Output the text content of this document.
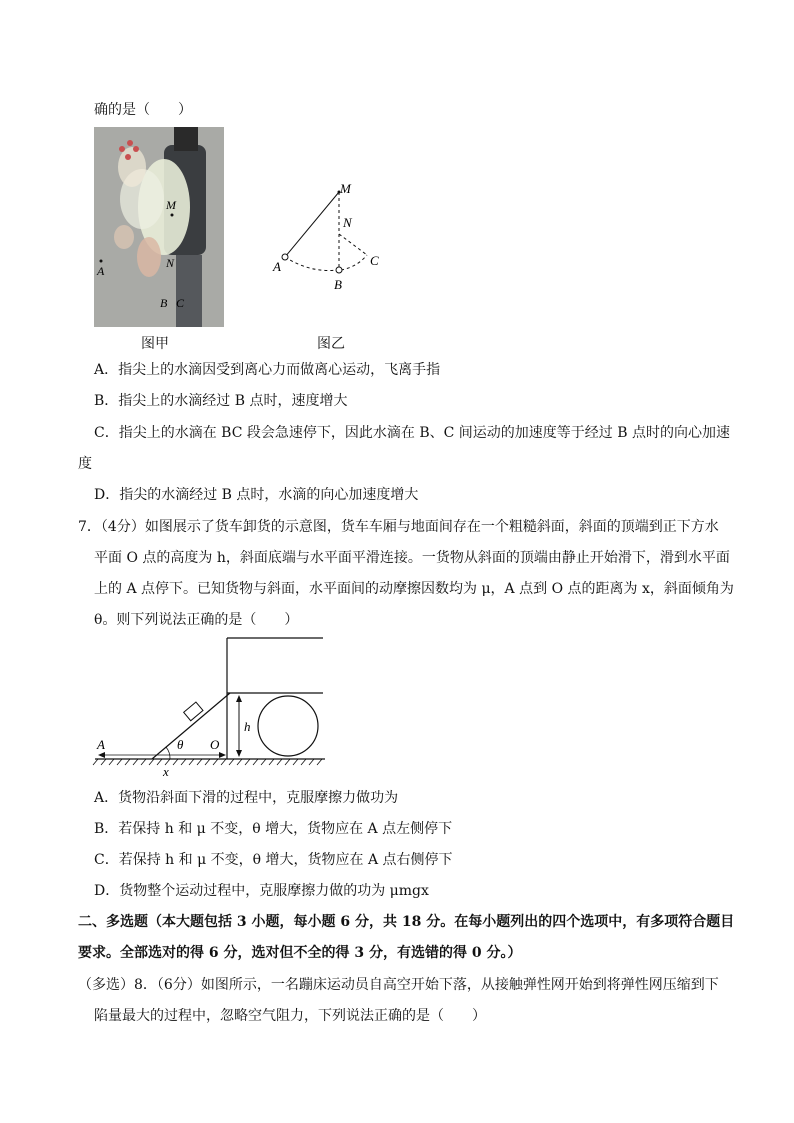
确的是（　　）
M
N
A
B C
图甲
M
N
A
B
C
图乙
A．指尖上的水滴因受到离心力而做离心运动，飞离手指
B．指尖上的水滴经过 B 点时，速度增大
C．指尖上的水滴在 BC 段会急速停下，因此水滴在 B、C 间运动的加速度等于经过 B 点时的向心加速
度
D．指尖的水滴经过 B 点时，水滴的向心加速度增大
7．（4分）如图展示了货车卸货的示意图，货车车厢与地面间存在一个粗糙斜面，斜面的顶端到正下方水
平面 O 点的高度为 h，斜面底端与水平面平滑连接。一货物从斜面的顶端由静止开始滑下，滑到水平面
上的 A 点停下。已知货物与斜面，水平面间的动摩擦因数均为 μ，A 点到 O 点的距离为 x，斜面倾角为
θ。则下列说法正确的是（　　）
A	θ O
h
x
A．货物沿斜面下滑的过程中，克服摩擦力做功为
B．若保持 h 和 μ 不变，θ 增大，货物应在 A 点左侧停下
C．若保持 h 和 μ 不变，θ 增大，货物应在 A 点右侧停下
D．货物整个运动过程中，克服摩擦力做的功为 μmgx
二、多选题（本大题包括 3 小题，每小题 6 分，共 18 分。在每小题列出的四个选项中，有多项符合题目
要求。全部选对的得 6 分，选对但不全的得 3 分，有选错的得 0 分。）
（多选）8．（6分）如图所示，一名蹦床运动员自高空开始下落，从接触弹性网开始到将弹性网压缩到下
陷量最大的过程中，忽略空气阻力，下列说法正确的是（　　）
